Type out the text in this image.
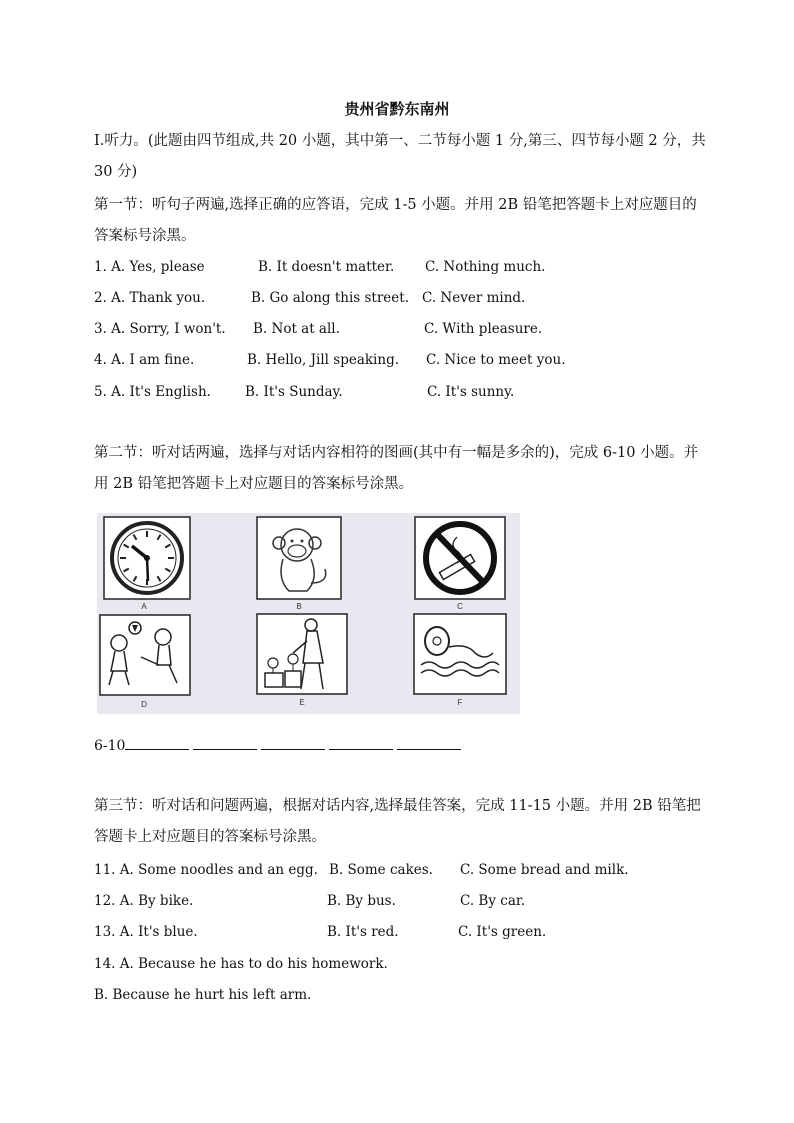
贵州省黔东南州
I.听力。(此题由四节组成,共 20 小题，其中第一、二节每小题 1 分,第三、四节每小题 2 分，共 30 分)
第一节：听句子两遍,选择正确的应答语，完成 1-5 小题。并用 2B 铅笔把答题卡上对应题目的答案标号涂黑。
1. A. Yes, please	B. It doesn't matter. C. Nothing much.
2. A. Thank you.	B. Go along this street. C. Never mind.
3. A. Sorry, I won't. B. Not at all.	C. With pleasure.
4. A. I am fine.	B. Hello, Jill speaking. C. Nice to meet you.
5. A. It's English.	B. It's Sunday.	C. It's sunny.
第二节：听对话两遍，选择与对话内容相符的图画(其中有一幅是多余的)，完成 6-10 小题。并用 2B 铅笔把答题卡上对应题目的答案标号涂黑。
A	B	C
D	E	F
6-10
第三节：听对话和问题两遍，根据对话内容,选择最佳答案，完成 11-15 小题。并用 2B 铅笔把答题卡上对应题目的答案标号涂黑。
11. A. Some noodles and an egg. B. Some cakes. C. Some bread and milk.
12. A. By bike.	B. By bus.	C. By car.
13. A. It's blue.	B. It's red.	C. It's green.
14. A. Because he has to do his homework.
B. Because he hurt his left arm.
